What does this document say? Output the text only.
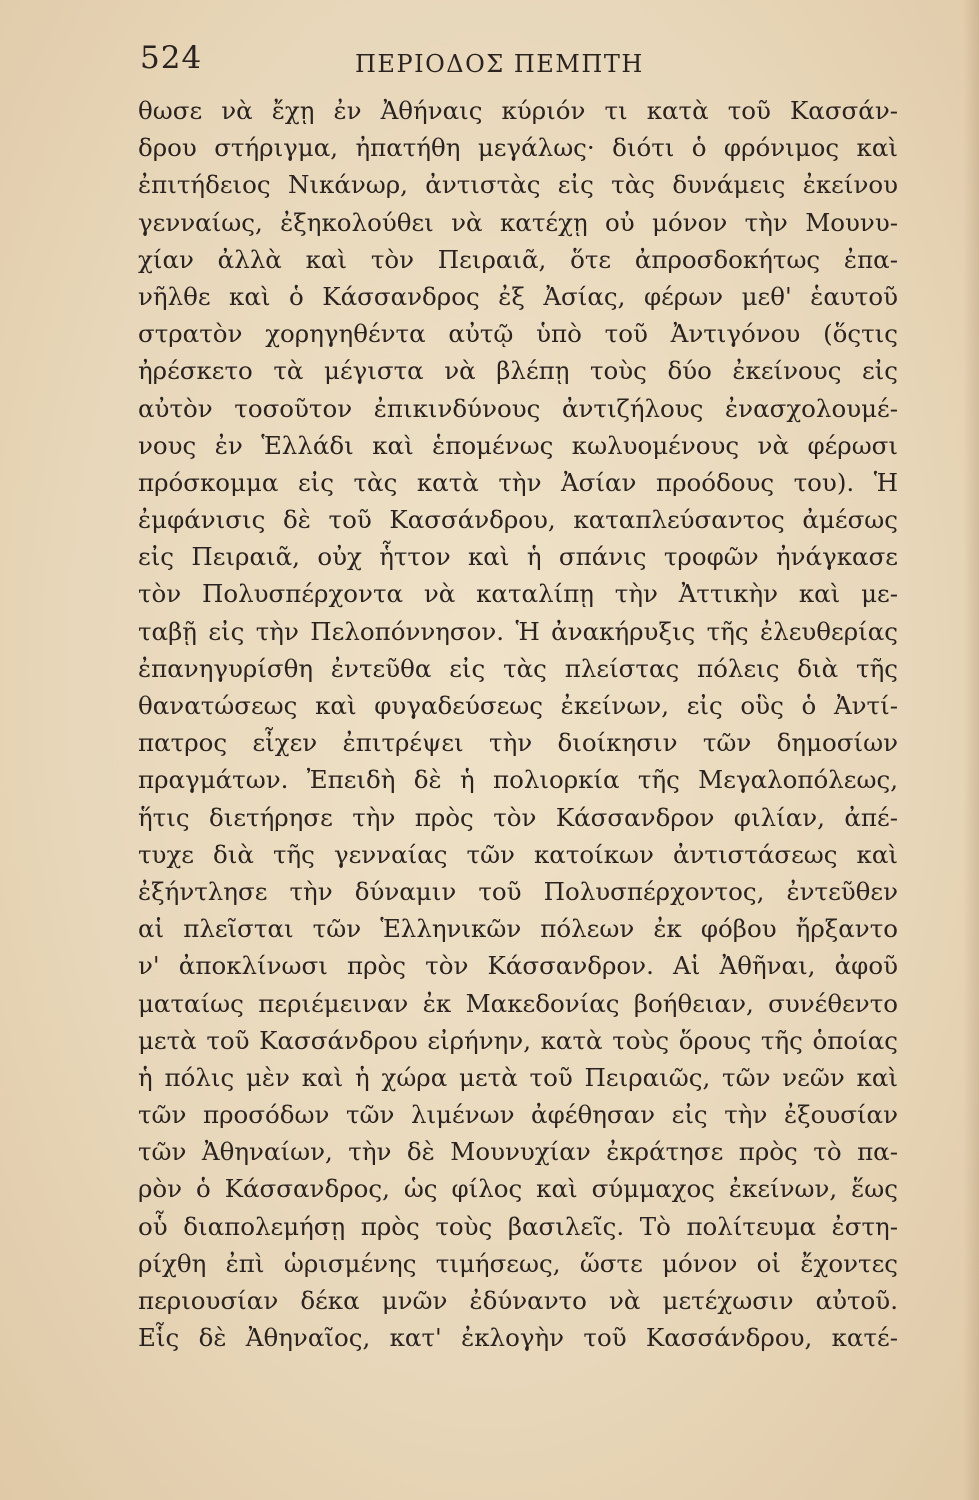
524	ΠΕΡΙΟΔΟΣ ΠΕΜΠΤΗ
θωσε νὰ ἔχῃ ἐν Ἀθήναις κύριόν τι κατὰ τοῦ Κασσάν-
δρου στήριγμα, ἠπατήθη μεγάλως· διότι ὁ φρόνιμος καὶ
ἐπιτήδειος Νικάνωρ, ἀντιστὰς εἰς τὰς δυνάμεις ἐκείνου
γενναίως, ἐξηκολούθει νὰ κατέχῃ οὐ μόνον τὴν Μουνυ-
χίαν ἀλλὰ καὶ τὸν Πειραιᾶ, ὅτε ἀπροσδοκήτως ἐπα-
νῆλθε καὶ ὁ Κάσσανδρος ἐξ Ἀσίας, φέρων μεθ' ἑαυτοῦ
στρατὸν χορηγηθέντα αὐτῷ ὑπὸ τοῦ Ἀντιγόνου (ὅςτις
ἠρέσκετο τὰ μέγιστα νὰ βλέπῃ τοὺς δύο ἐκείνους εἰς
αὐτὸν τοσοῦτον ἐπικινδύνους ἀντιζήλους ἐνασχολουμέ-
νους ἐν Ἑλλάδι καὶ ἑπομένως κωλυομένους νὰ φέρωσι
πρόσκομμα εἰς τὰς κατὰ τὴν Ἀσίαν προόδους του). Ἡ
ἐμφάνισις δὲ τοῦ Κασσάνδρου, καταπλεύσαντος ἀμέσως
εἰς Πειραιᾶ, οὐχ ἧττον καὶ ἡ σπάνις τροφῶν ἠνάγκασε
τὸν Πολυσπέρχοντα νὰ καταλίπῃ τὴν Ἀττικὴν καὶ με-
ταβῇ εἰς τὴν Πελοπόννησον. Ἡ ἀνακήρυξις τῆς ἐλευθερίας
ἐπανηγυρίσθη ἐντεῦθα εἰς τὰς πλείστας πόλεις διὰ τῆς
θανατώσεως καὶ φυγαδεύσεως ἐκείνων, εἰς οὓς ὁ Ἀντί-
πατρος εἶχεν ἐπιτρέψει τὴν διοίκησιν τῶν δημοσίων
πραγμάτων. Ἐπειδὴ δὲ ἡ πολιορκία τῆς Μεγαλοπόλεως,
ἥτις διετήρησε τὴν πρὸς τὸν Κάσσανδρον φιλίαν, ἀπέ-
τυχε διὰ τῆς γενναίας τῶν κατοίκων ἀντιστάσεως καὶ
ἐξήντλησε τὴν δύναμιν τοῦ Πολυσπέρχοντος, ἐντεῦθεν
αἱ πλεῖσται τῶν Ἑλληνικῶν πόλεων ἐκ φόβου ἤρξαντο
ν' ἀποκλίνωσι πρὸς τὸν Κάσσανδρον. Αἱ Ἀθῆναι, ἀφοῦ
ματαίως περιέμειναν ἐκ Μακεδονίας βοήθειαν, συνέθεντο
μετὰ τοῦ Κασσάνδρου εἰρήνην, κατὰ τοὺς ὅρους τῆς ὁποίας
ἡ πόλις μὲν καὶ ἡ χώρα μετὰ τοῦ Πειραιῶς, τῶν νεῶν καὶ
τῶν προσόδων τῶν λιμένων ἀφέθησαν εἰς τὴν ἐξουσίαν
τῶν Ἀθηναίων, τὴν δὲ Μουνυχίαν ἐκράτησε πρὸς τὸ πα-
ρὸν ὁ Κάσσανδρος, ὡς φίλος καὶ σύμμαχος ἐκείνων, ἕως
οὗ διαπολεμήσῃ πρὸς τοὺς βασιλεῖς. Τὸ πολίτευμα ἐστη-
ρίχθη ἐπὶ ὡρισμένης τιμήσεως, ὥστε μόνον οἱ ἔχοντες
περιουσίαν δέκα μνῶν ἐδύναντο νὰ μετέχωσιν αὐτοῦ.
Εἷς δὲ Ἀθηναῖος, κατ' ἐκλογὴν τοῦ Κασσάνδρου, κατέ-
